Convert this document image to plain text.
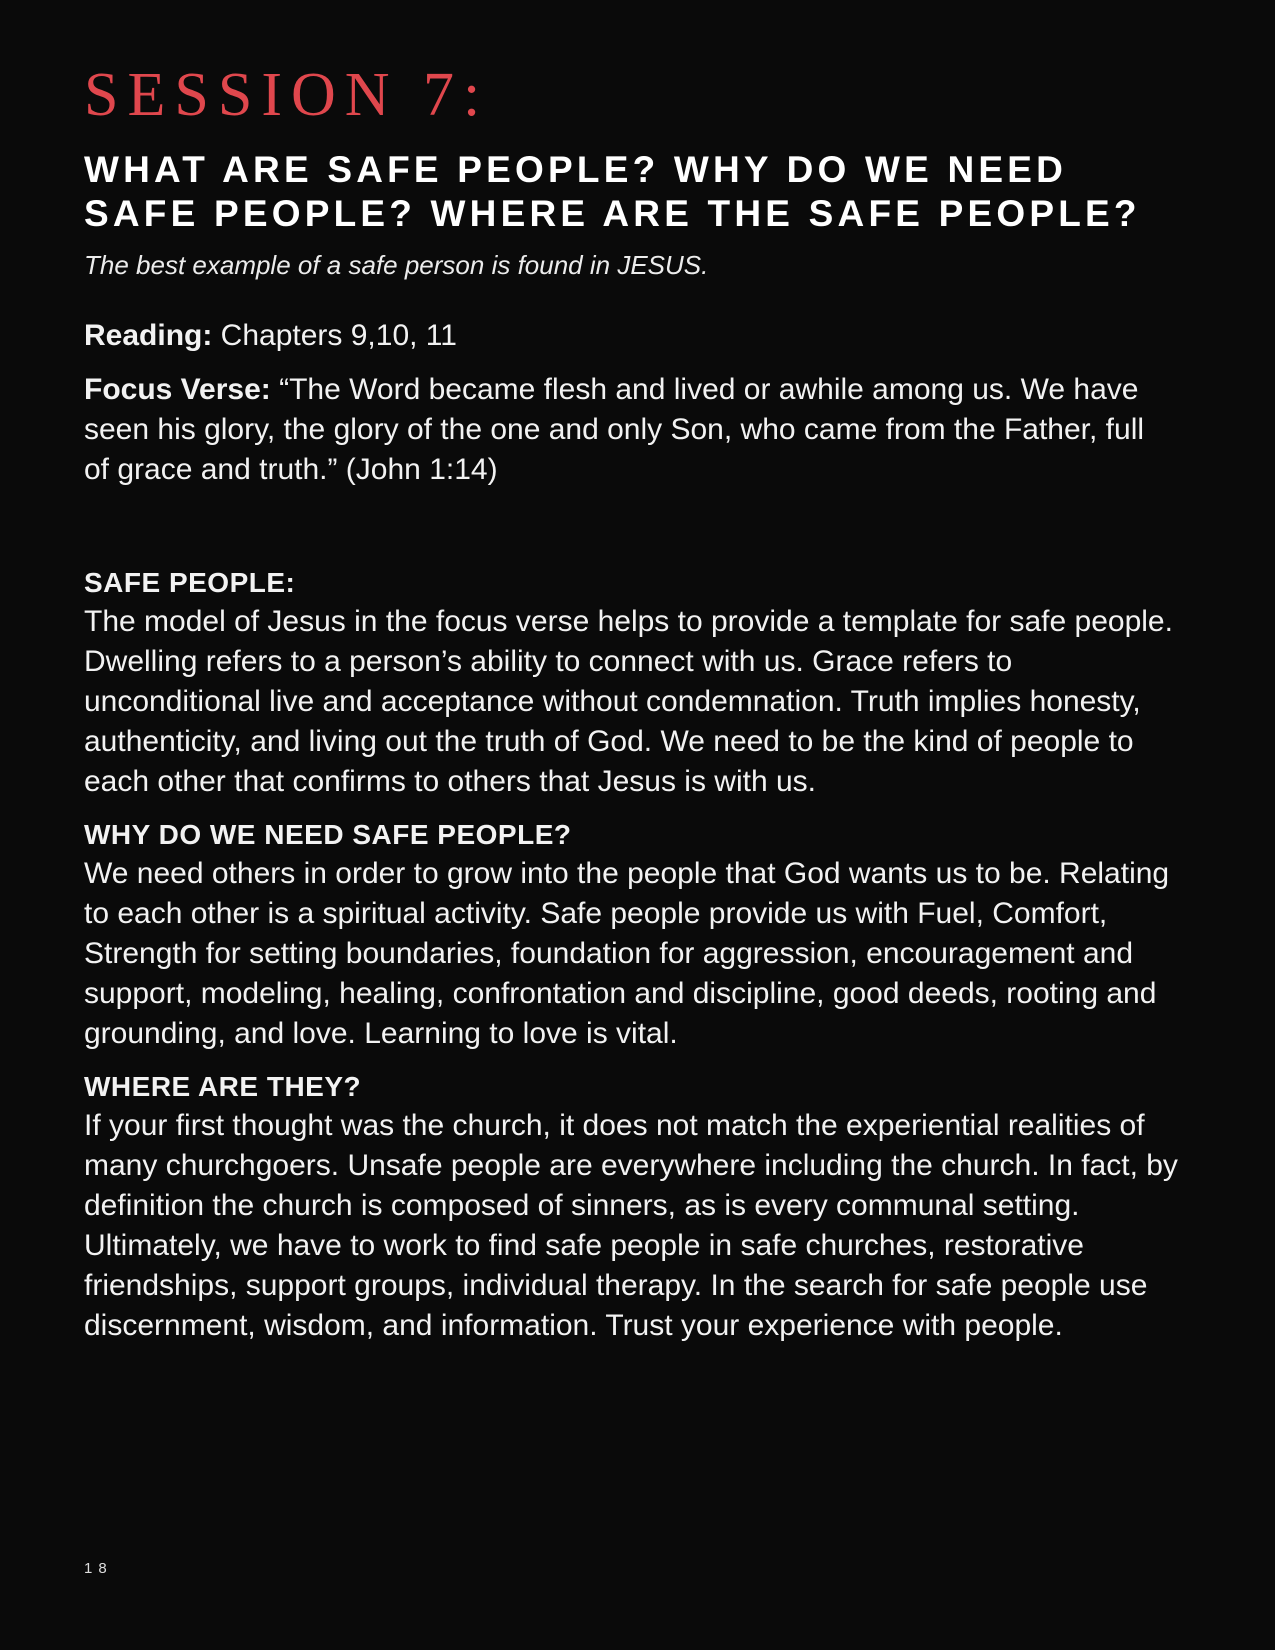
SESSION 7:
WHAT ARE SAFE PEOPLE? WHY DO WE NEED
SAFE PEOPLE? WHERE ARE THE SAFE PEOPLE?

The best example of a safe person is found in JESUS.

Reading: Chapters 9,10, 11

Focus Verse: “The Word became flesh and lived or awhile among us. We have seen his glory, the glory of the one and only Son, who came from the Father, full of grace and truth.” (John 1:14)

SAFE PEOPLE:

The model of Jesus in the focus verse helps to provide a template for safe people. Dwelling refers to a person’s ability to connect with us. Grace refers to unconditional live and acceptance without condemnation. Truth implies honesty, authenticity, and living out the truth of God. We need to be the kind of people to each other that confirms to others that Jesus is with us.

WHY DO WE NEED SAFE PEOPLE?

We need others in order to grow into the people that God wants us to be. Relating to each other is a spiritual activity. Safe people provide us with Fuel, Comfort, Strength for setting boundaries, foundation for aggression, encouragement and support, modeling, healing, confrontation and discipline, good deeds, rooting and grounding, and love. Learning to love is vital.

WHERE ARE THEY?

If your first thought was the church, it does not match the experiential realities of many churchgoers. Unsafe people are everywhere including the church. In fact, by definition the church is composed of sinners, as is every communal setting. Ultimately, we have to work to find safe people in safe churches, restorative friendships, support groups, individual therapy. In the search for safe people use discernment, wisdom, and information. Trust your experience with people.

18
